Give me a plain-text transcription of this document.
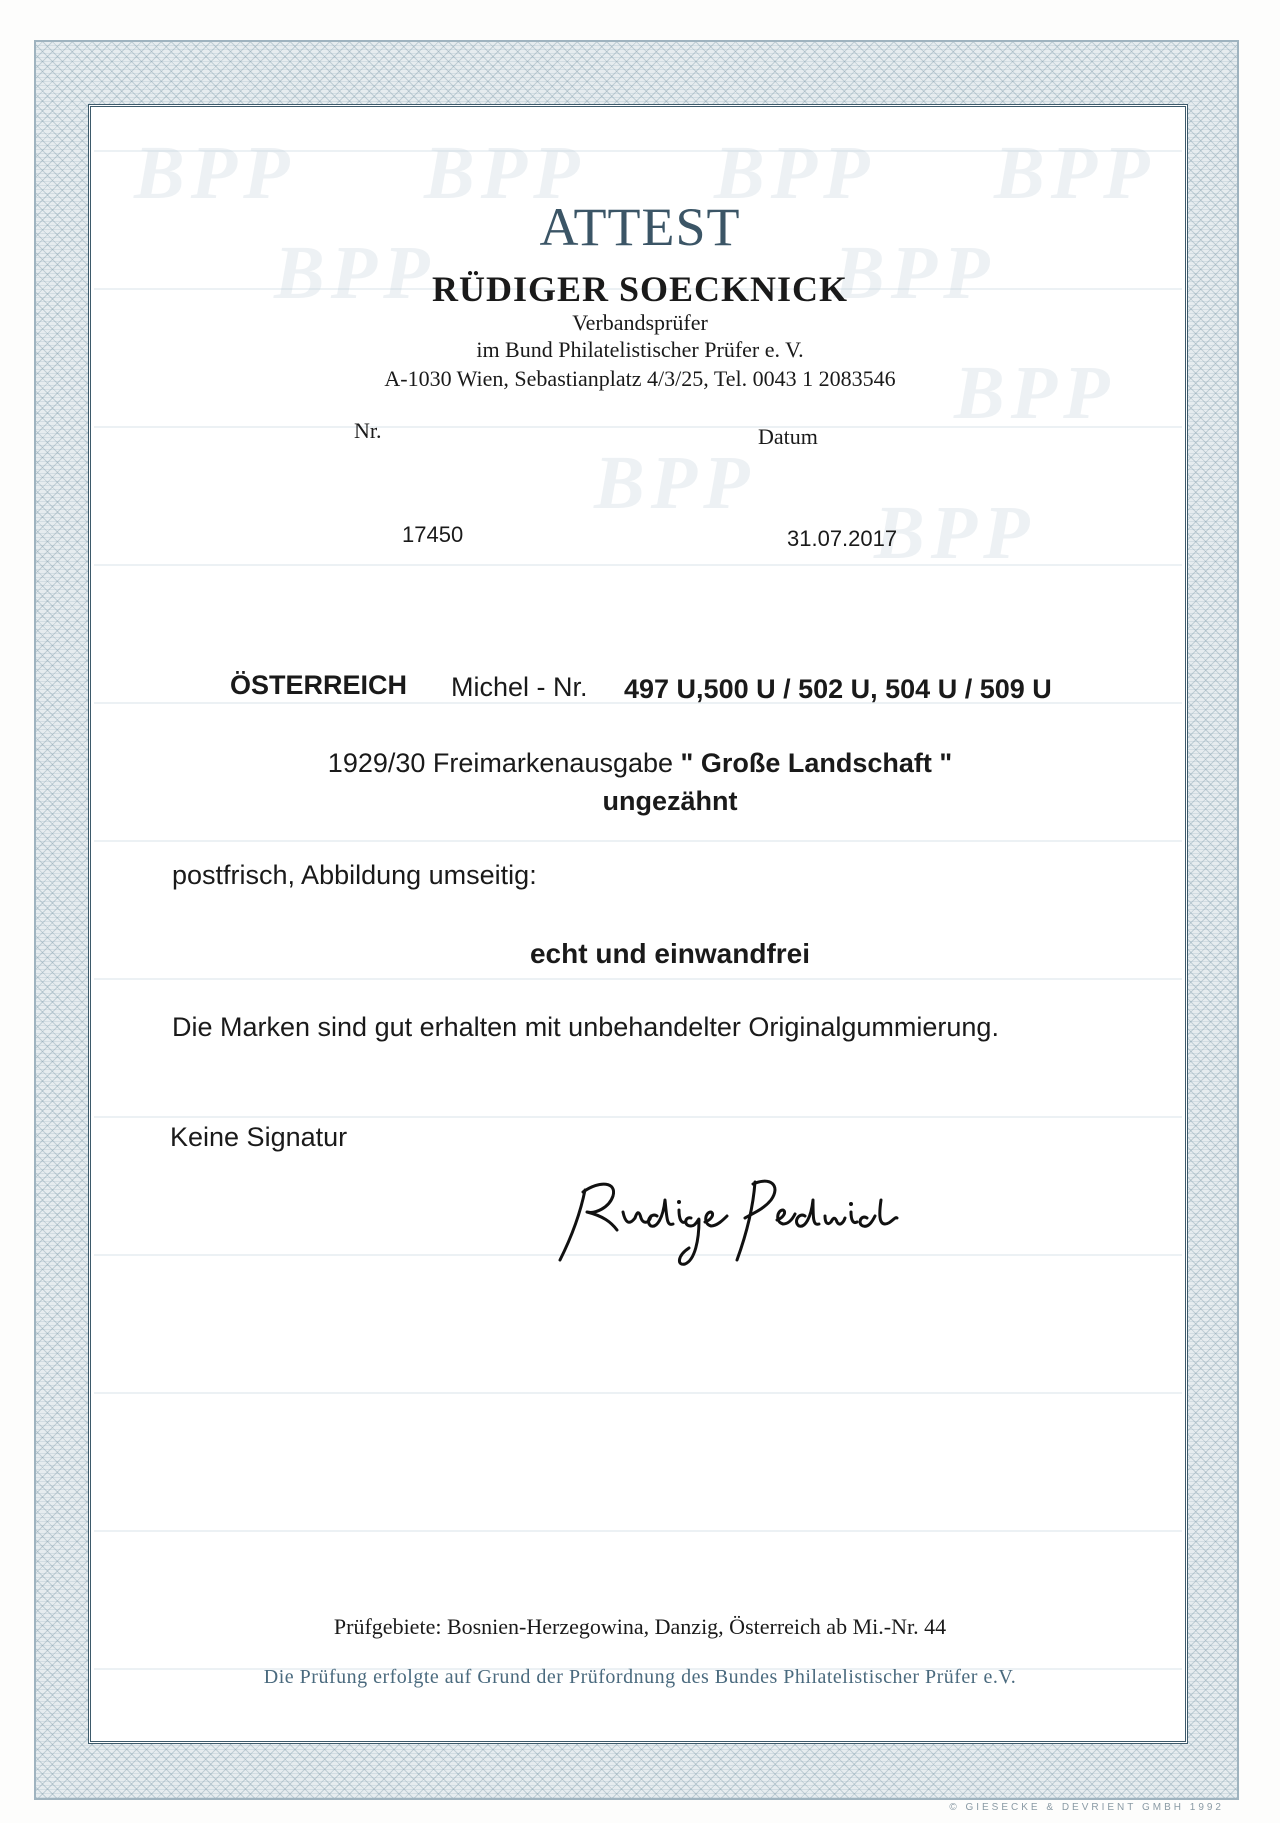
BPP BPP BPP BPP
BPP	BPP
BPP
BPP
BPP
ATTEST
RÜDIGER SOECKNICK
Verbandsprüfer
im Bund Philatelistischer Prüfer e. V.
A-1030 Wien, Sebastianplatz 4/3/25, Tel. 0043 1 2083546
Nr.	Datum
17450	31.07.2017
ÖSTERREICH Michel - Nr. 497 U,500 U / 502 U, 504 U / 509 U
1929/30 Freimarkenausgabe " Große Landschaft "
ungezähnt
postfrisch, Abbildung umseitig:
echt und einwandfrei
Die Marken sind gut erhalten mit unbehandelter Originalgummierung.
Keine Signatur
Prüfgebiete: Bosnien-Herzegowina, Danzig, Österreich ab Mi.-Nr. 44
Die Prüfung erfolgte auf Grund der Prüfordnung des Bundes Philatelistischer Prüfer e.V.
© GIESECKE & DEVRIENT GMBH 1992
